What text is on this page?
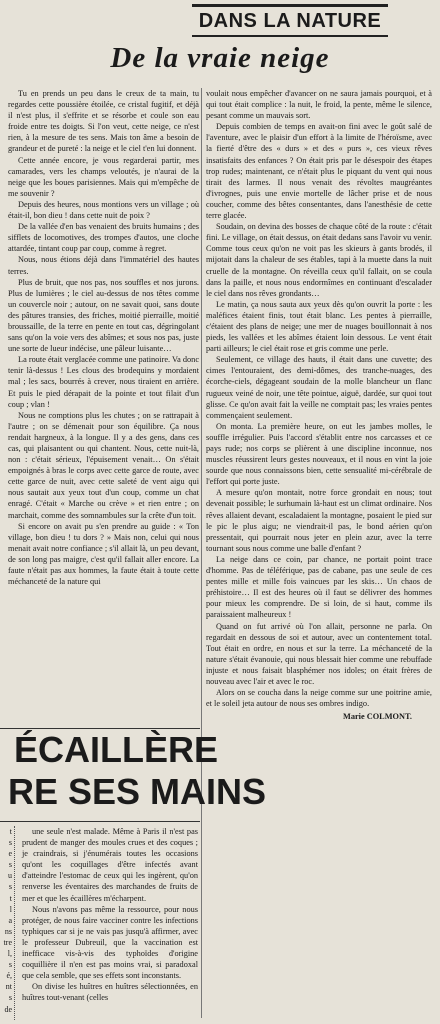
DANS LA NATURE
De la vraie neige

Tu en prends un peu dans le creux de ta main, tu regardes cette poussière étoilée, ce cristal fugitif, et déjà il n'est plus, il s'effrite et se résorbe et coule son eau froide entre tes doigts. Si l'on veut, cette neige, ce n'est rien, à la mesure de tes sens. Mais ton âme a besoin de grandeur et de pureté : la neige et le ciel t'en lui donnent.

Cette année encore, je vous regarderai partir, mes camarades, vers les champs veloutés, je n'aurai de la neige que les boues parisiennes. Mais qui m'empêche de me souvenir ?

Depuis des heures, nous montions vers un village ; où était-il, bon dieu ! dans cette nuit de poix ?

De la vallée d'en bas venaient des bruits humains ; des sifflets de locomotives, des trompes d'autos, une cloche attardée, tintant coup par coup, comme à regret.

Nous, nous étions déjà dans l'immatériel des hautes terres.

Plus de bruit, que nos pas, nos souffles et nos jurons. Plus de lumières ; le ciel au-dessus de nos têtes comme un couvercle noir ; autour, on ne savait quoi, sans doute des pâtures transies, des friches, moitié pierraille, moitié broussaille, de la terre en pente en tout cas, dégringolant sans qu'on la voie vers des abîmes; et sous nos pas, juste une sorte de lueur indécise, une pâleur luisante…

La route était verglacée comme une patinoire. Va donc tenir là-dessus ! Les clous des brodequins y mordaient mal ; les sacs, bourrés à crever, nous tiraient en arrière. Et puis le pied dérapait de la pointe et tout filait d'un coup ; vlan !

Nous ne comptions plus les chutes ; on se rattrapait à l'autre ; on se démenait pour son équilibre. Ça nous rendait hargneux, à la longue. Il y a des gens, dans ces cas, qui plaisantent ou qui chantent. Nous, cette nuit-là, non : c'était sérieux, l'épuisement venait… On s'était empoignés à bras le corps avec cette garce de route, avec cette garce de nuit, avec cette saleté de vent aigu qui nous sautait aux yeux tout d'un coup, comme un chat enragé. C'était « Marche ou crève » et rien entre ; on marchait, comme des somnambules sur la crête d'un toit.

Si encore on avait pu s'en prendre au guide : « Ton village, bon dieu ! tu dors ? » Mais non, celui qui nous menait avait notre confiance ; s'il allait là, un peu devant, de son long pas maigre, c'est qu'il fallait aller encore. La faute n'était pas aux hommes, la faute était à toute cette méchanceté de la nature qui

voulait nous empêcher d'avancer on ne saura jamais pourquoi, et à qui tout était complice : la nuit, le froid, la pente, même le silence, pesant comme un mauvais sort.

Depuis combien de temps en avait-on fini avec le goût salé de l'aventure, avec le plaisir d'un effort à la limite de l'héroïsme, avec la fierté d'être des « durs » et des « purs », ces vieux rêves insatisfaits des enfances ? On était pris par le désespoir des étapes trop rudes; maintenant, ce n'était plus le piquant du vent qui nous tirait des larmes. Il nous venait des révoltes maugréantes d'ivrognes, puis une envie mortelle de lâcher prise et de nous coucher, comme des bêtes consentantes, dans l'anesthésie de cette terre glacée.

Soudain, on devina des bosses de chaque côté de la route : c'était fini. Le village, on était dessus, on était dedans sans l'avoir vu venir. Comme tous ceux qu'on ne voit pas les skieurs à gants brodés, il mijotait dans la chaleur de ses étables, tapi à la muette dans la nuit cruelle de la montagne. On réveilla ceux qu'il fallait, on se coula dans la paille, et nous nous endormîmes en continuant d'escalader le ciel dans nos rêves grondants…

Le matin, ça nous sauta aux yeux dès qu'on ouvrit la porte : les maléfices étaient finis, tout était blanc. Les pentes à pierraille, c'étaient des plans de neige; une mer de nuages bouillonnait à nos pieds, les vallées et les abîmes étaient loin dessous. Le vent était parti ailleurs; le ciel était rose et gris comme une perle.

Seulement, ce village des hauts, il était dans une cuvette; des cimes l'entouraient, des demi-dômes, des tranche-nuages, des écorche-ciels, dégageant soudain de la molle blancheur un flanc rugueux veiné de noir, une tête pointue, aiguë, dardée, sur quoi tout glisse. Ce qu'on avait fait la veille ne comptait pas; les vraies pentes commençaient seulement.

On monta. La première heure, on eut les jambes molles, le souffle irrégulier. Puis l'accord s'établit entre nos carcasses et ce pays rude; nos corps se plièrent à une discipline inconnue, nos muscles réussirent leurs gestes nouveaux, et il nous en vint la joie sourde que nous connaissons bien, cette sensualité mi-cérébrale de l'effort qui porte juste.

A mesure qu'on montait, notre force grondait en nous; tout devenait possible; le surhumain là-haut est un climat ordinaire. Nos rêves allaient devant, escaladaient la montagne, posaient le pied sur le pic le plus aigu; ne viendrait-il pas, le bond aérien qu'on pressentait, qui pourrait nous jeter en plein azur, avec la terre tournant sous nous comme une balle d'enfant ?

La neige dans ce coin, par chance, ne portait point trace d'homme. Pas de téléférique, pas de cabane, pas une seule de ces pentes mille et mille fois vaincues par les skis… Un chaos de préhistoire… Il est des heures où il faut se délivrer des hommes pour mieux les comprendre. De si loin, de si haut, comme ils paraissaient malheureux !

Quand on fut arrivé où l'on allait, personne ne parla. On regardait en dessous de soi et autour, avec un contentement total. Tout était en ordre, en nous et sur la terre. La méchanceté de la nature s'était évanouie, qui nous blessait hier comme une rebuffade injuste et nous faisait blasphémer nos idoles; on était frères de nouveau avec l'air et avec le roc.

Alors on se coucha dans la neige comme sur une poitrine amie, et le soleil jeta autour de nous ses ombres indigo.

Marie COLMONT.

ÉCAILLÈRE
RE SES MAINS
t
s
e
s
u
s
t
l
a
ns
tre
l,
s
é,
nt
s
de

une seule n'est malade. Même à Paris il n'est pas prudent de manger des moules crues et des coques ; je craindrais, si j'énumérais toutes les occasions qu'ont les coquillages d'être infectés avant d'atteindre l'estomac de ceux qui les ingèrent, qu'on renverse les éventaires des marchandes de fruits de mer et que les écaillères m'écharpent.

Nous n'avons pas même la ressource, pour nous protéger, de nous faire vacciner contre les infections typhiques car si je ne vais pas jusqu'à affirmer, avec le professeur Dubreuil, que la vaccination est inefficace vis-à-vis des typhoïdes d'origine coquillière il n'en est pas moins vrai, si paradoxal que cela semble, que ses effets sont inconstants.

On divise les huîtres en huîtres sélectionnées, en huîtres tout-venant (celles
